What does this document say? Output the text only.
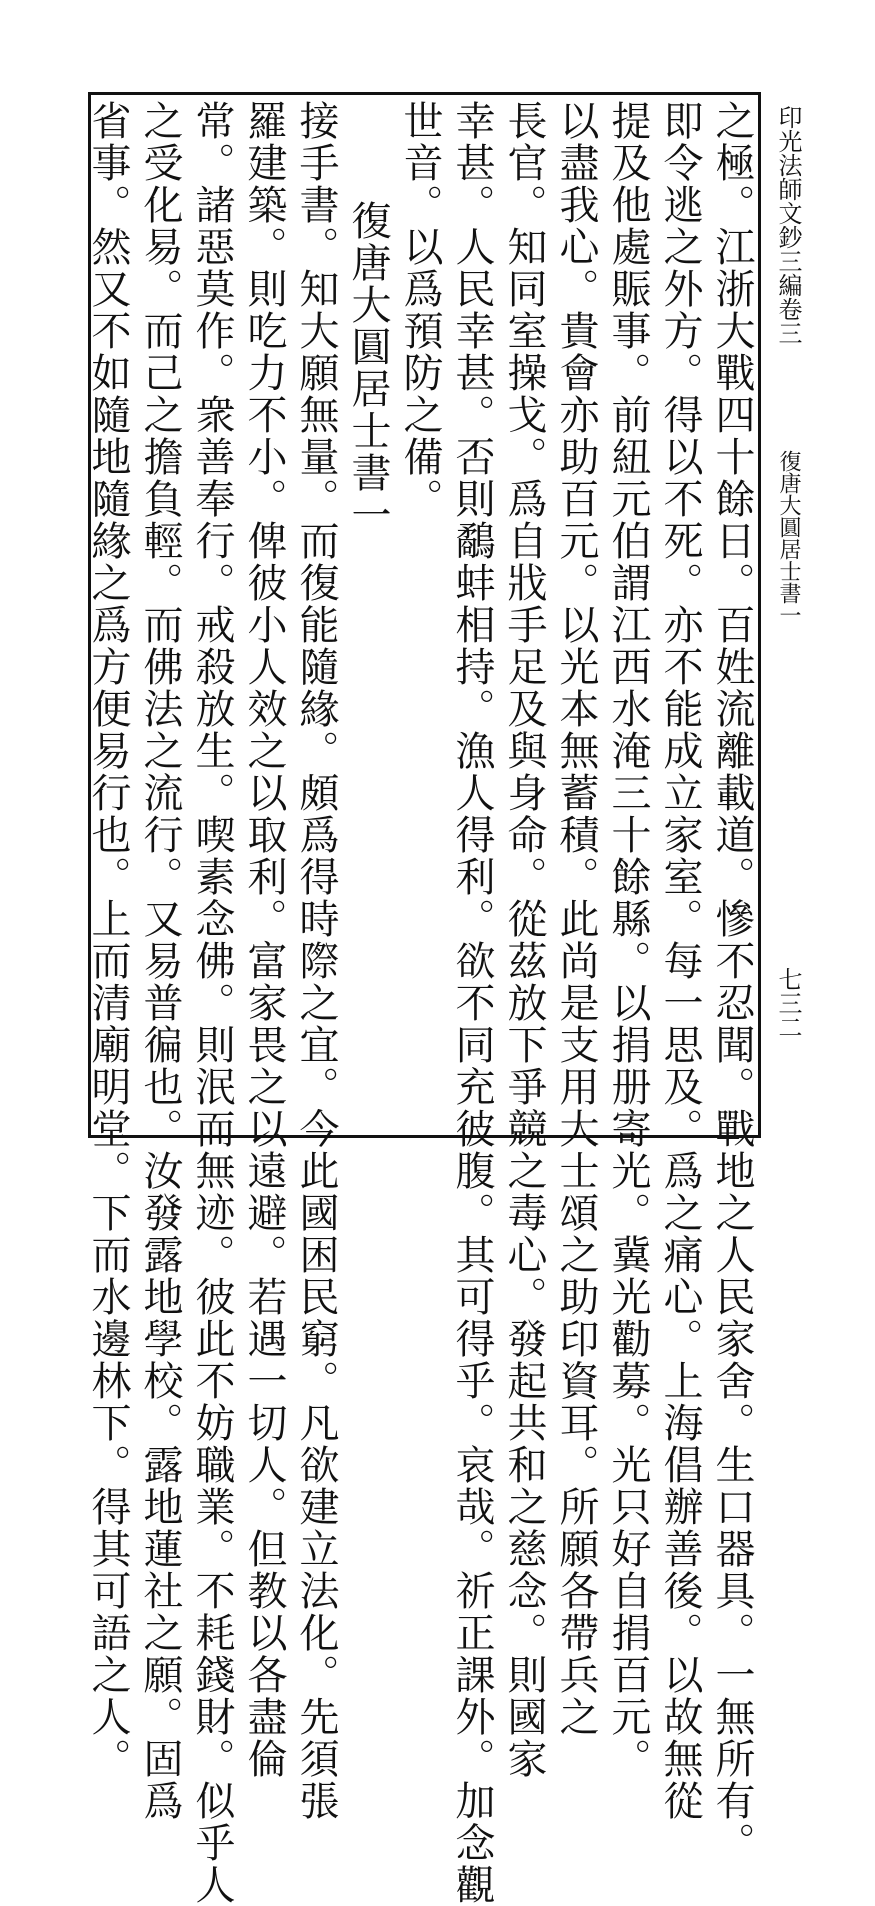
印光法師文鈔三編卷三
復唐大圓居士書一
七三二
之極。江浙大戰四十餘日。百姓流離載道。慘不忍聞。戰地之人民家舍。生口器具。一無所有。
即令逃之外方。得以不死。亦不能成立家室。每一思及。爲之痛心。上海倡辦善後。以故無從
提及他處賑事。前紐元伯謂江西水淹三十餘縣。以捐册寄光。冀光勸募。光只好自捐百元。
以盡我心。貴會亦助百元。以光本無蓄積。此尚是支用大士頌之助印資耳。所願各帶兵之
長官。知同室操戈。爲自戕手足及與身命。從茲放下爭競之毒心。發起共和之慈念。則國家
幸甚。人民幸甚。否則鷸蚌相持。漁人得利。欲不同充彼腹。其可得乎。哀哉。祈正課外。加念觀
世音。以爲預防之備。
復唐大圓居士書一
接手書。知大願無量。而復能隨緣。頗爲得時際之宜。今此國困民窮。凡欲建立法化。先須張
羅建築。則吃力不小。俾彼小人效之以取利。富家畏之以遠避。若遇一切人。但教以各盡倫
常。諸惡莫作。衆善奉行。戒殺放生。喫素念佛。則泯而無迹。彼此不妨職業。不耗錢財。似乎人
之受化易。而己之擔負輕。而佛法之流行。又易普徧也。汝發露地學校。露地蓮社之願。固爲
省事。然又不如隨地隨緣之爲方便易行也。上而清廟明堂。下而水邊林下。得其可語之人。
